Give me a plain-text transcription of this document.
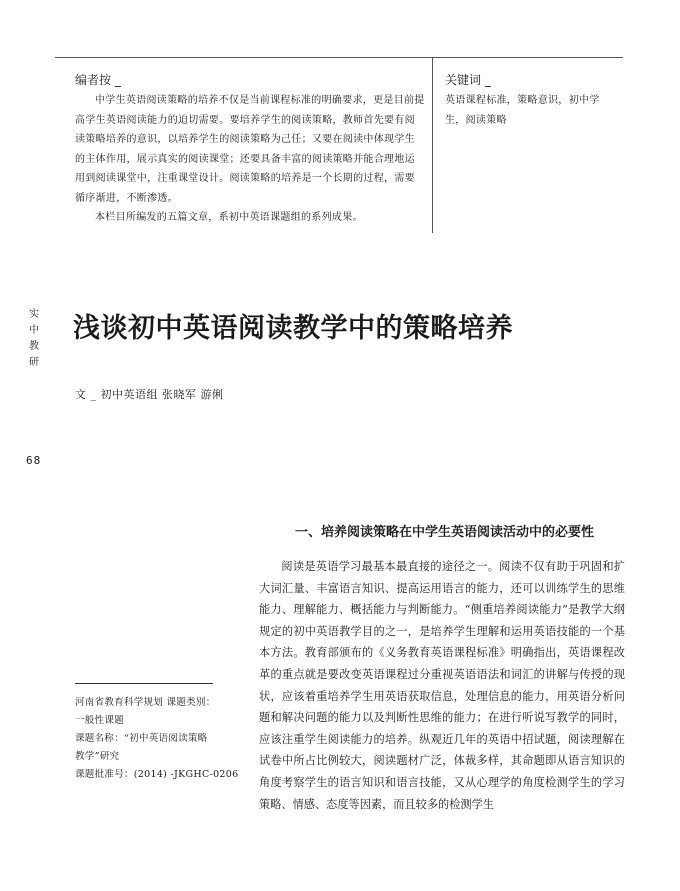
编者按 _

中学生英语阅读策略的培养不仅是当前课程标准的明确要求，更是目前提高学生英语阅读能力的迫切需要。要培养学生的阅读策略，教师首先要有阅读策略培养的意识，以培养学生的阅读策略为己任；又要在阅读中体现学生的主体作用，展示真实的阅读课堂；还要具备丰富的阅读策略并能合理地运用到阅读课堂中，注重课堂设计。阅读策略的培养是一个长期的过程，需要循序渐进，不断渗透。

本栏目所编发的五篇文章，系初中英语课题组的系列成果。

关键词 _
英语课程标准，策略意识，初中学生，阅读策略
实
中
教
研
68
浅谈初中英语阅读教学中的策略培养
文 _ 初中英语组 张晓军 游俐
一、培养阅读策略在中学生英语阅读活动中的必要性

阅读是英语学习最基本最直接的途径之一。阅读不仅有助于巩固和扩大词汇量、丰富语言知识、提高运用语言的能力，还可以训练学生的思维能力、理解能力、概括能力与判断能力。“侧重培养阅读能力”是教学大纲规定的初中英语教学目的之一，是培养学生理解和运用英语技能的一个基本方法。教育部颁布的《义务教育英语课程标准》明确指出，英语课程改革的重点就是要改变英语课程过分重视英语语法和词汇的讲解与传授的现状，应该着重培养学生用英语获取信息，处理信息的能力，用英语分析问题和解决问题的能力以及判断性思维的能力；在进行听说写教学的同时，应该注重学生阅读能力的培养。纵观近几年的英语中招试题，阅读理解在试卷中所占比例较大，阅读题材广泛，体裁多样，其命题即从语言知识的角度考察学生的语言知识和语言技能，又从心理学的角度检测学生的学习策略、情感、态度等因素，而且较多的检测学生

河南省教育科学规划 课题类别：
一般性课题
课题名称：“初中英语阅读策略
教学”研究
课题批准号：(2014) -JKGHC-0206
